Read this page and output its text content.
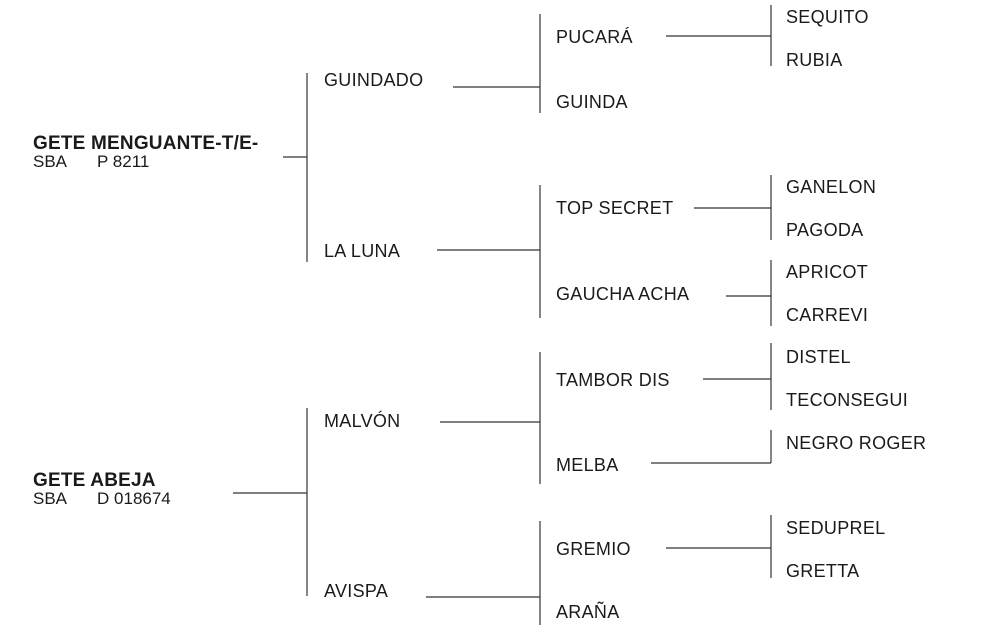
GETE MENGUANTE-T/E-
SBA P 8211
GUINDADO
LA LUNA
PUCARÁ
GUINDA
TOP SECRET
GAUCHA ACHA
SEQUITO
RUBIA
GANELON
PAGODA
APRICOT
CARREVI
GETE ABEJA
SBA D 018674
MALVÓN
AVISPA
TAMBOR DIS
MELBA
GREMIO
ARAÑA
DISTEL
TECONSEGUI
NEGRO ROGER
SEDUPREL
GRETTA
